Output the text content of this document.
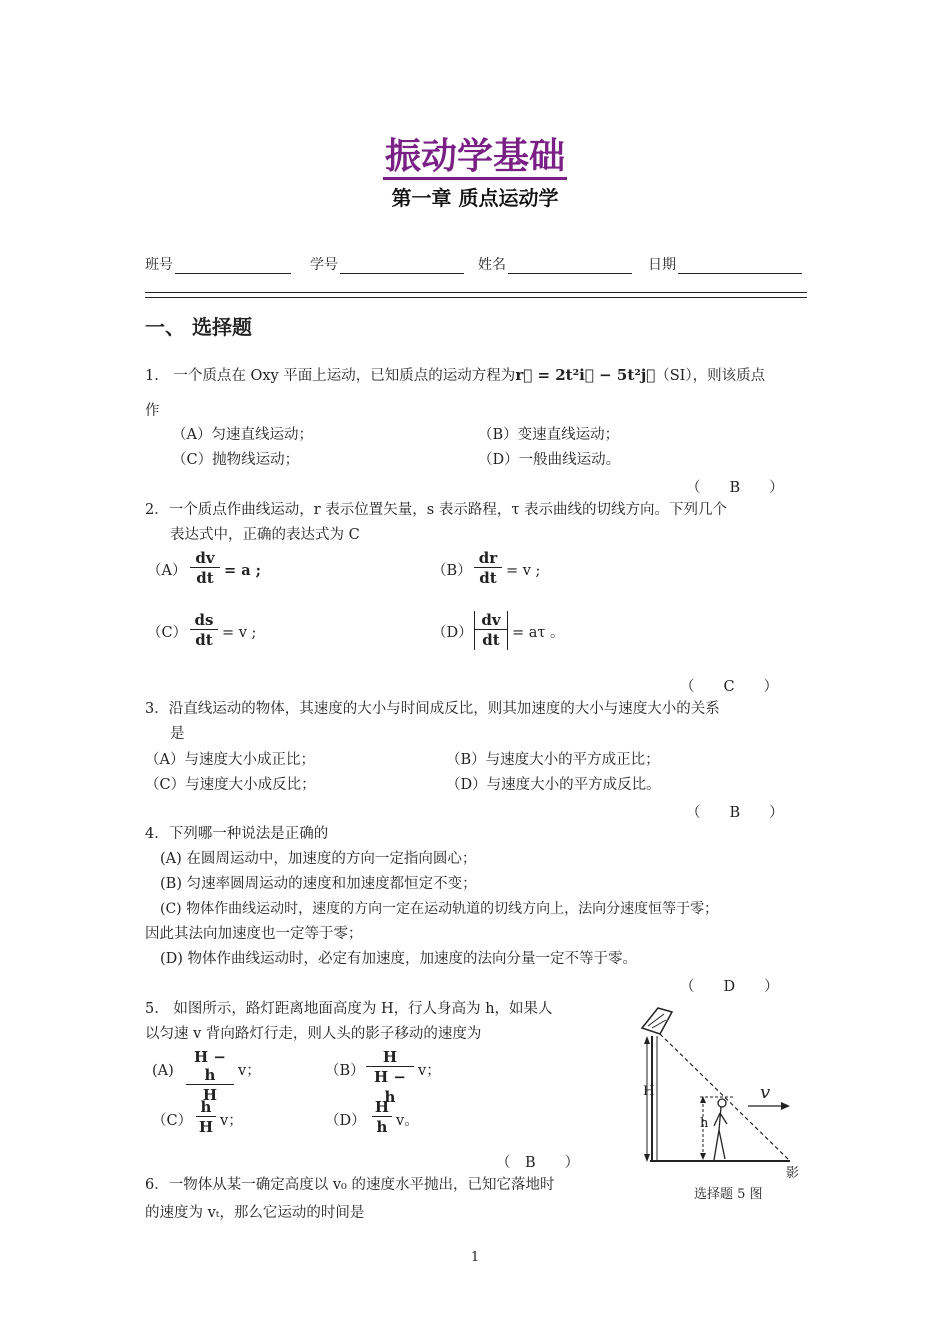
振动学基础
第一章 质点运动学
班号	学号	姓名	日期
一、 选择题
1.　一个质点在 Oxy 平面上运动，已知质点的运动方程为r⃗ = 2t²i⃗ − 5t²j⃗（SI），则该质点
作
（A）匀速直线运动；	（B）变速直线运动；
（C）抛物线运动；	（D）一般曲线运动。
（　　B　　）
2．一个质点作曲线运动，r 表示位置矢量，s 表示路程，τ 表示曲线的切线方向。下列几个
表达式中，正确的表达式为 C
$(A) \frac{dv}{dt} = a$ ;	$(B) \frac{dr}{dt} = v$ ;
$(C) \frac{ds}{dt} = v$ ;	$(D) \frac{dv}{dt} = a\tau$ 。
（　　C　　）
3．沿直线运动的物体，其速度的大小与时间成反比，则其加速度的大小与速度大小的关系
是
（A）与速度大小成正比；	（B）与速度大小的平方成正比；
（C）与速度大小成反比；	（D）与速度大小的平方成反比。
（　　B　　）
4．下列哪一种说法是正确的
(A) 在圆周运动中，加速度的方向一定指向圆心；
(B) 匀速率圆周运动的速度和加速度都恒定不变；
(C) 物体作曲线运动时，速度的方向一定在运动轨道的切线方向上，法向分速度恒等于零；
因此其法向加速度也一定等于零；
(D) 物体作曲线运动时，必定有加速度，加速度的法向分量一定不等于零。
（　　D　　）
5.　如图所示，路灯距离地面高度为 H，行人身高为 h，如果人
以匀速 v 背向路灯行走，则人头的影子移动的速度为
$(A) \frac{H - h}{H}$ v；	$(B) \frac{H}{H - h}$ v；
$(C) \frac{h}{H}$ v；	$(D) \frac{H}{h}$ v。
（　B　　）
H
h
v
影
选择题 5 图
6．一物体从某一确定高度以 v₀ 的速度水平抛出，已知它落地时
的速度为 vₜ，那么它运动的时间是
1
